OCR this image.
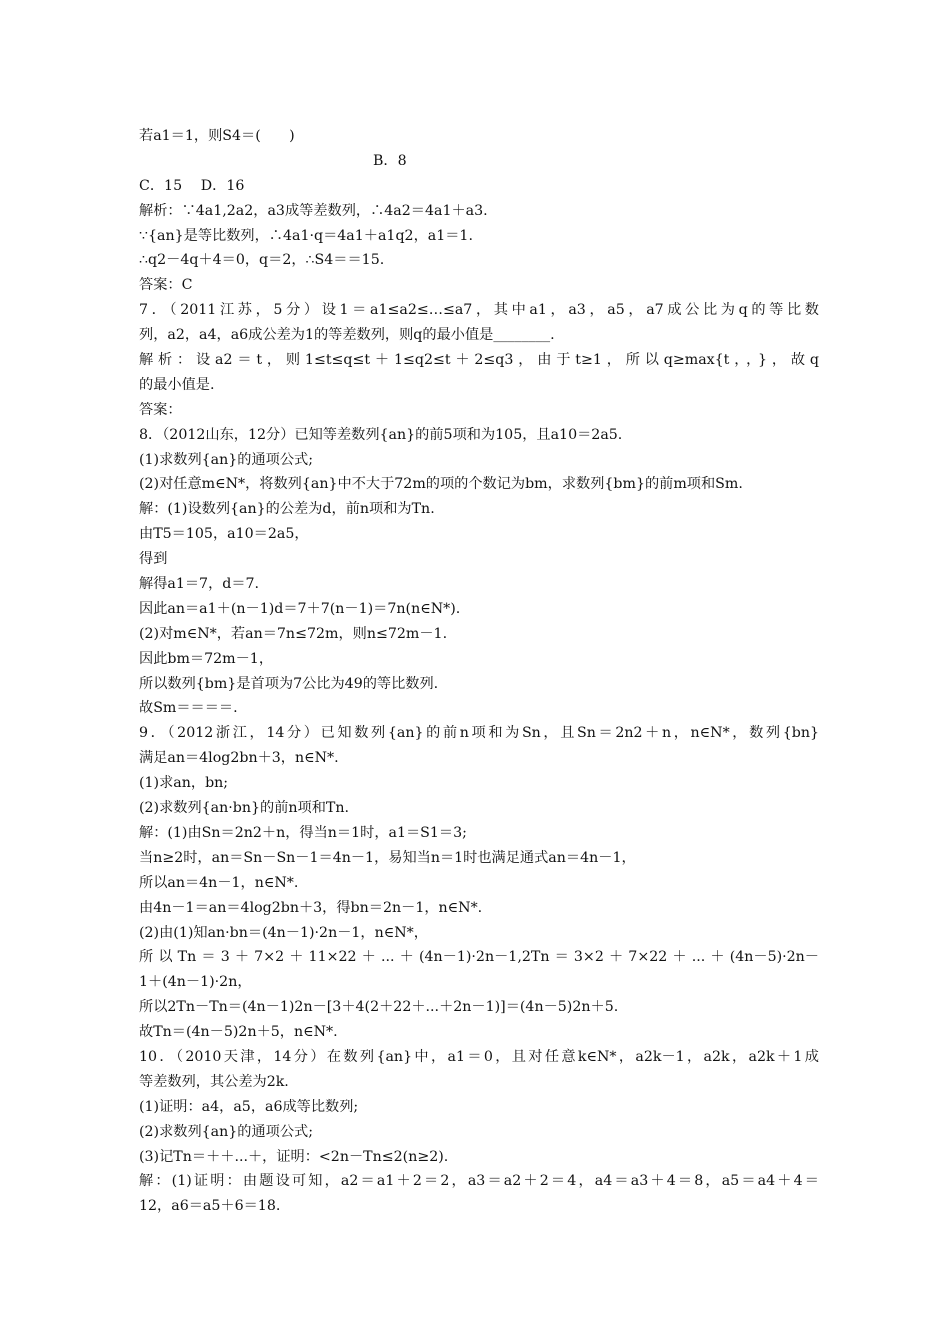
若a1＝1，则S4＝(　　)

B．8

C．15　 D．16
解析：∵4a1,2a2，a3成等差数列，∴4a2＝4a1＋a3.
∵{an}是等比数列，∴4a1·q＝4a1＋a1q2，a1＝1.
∴q2－4q＋4＝0，q＝2，∴S4＝＝15.
答案：C
7．（2011江苏，5分）设1＝a1≤a2≤…≤a7，其中a1，a3，a5，a7成公比为q的等比数
列，a2，a4，a6成公差为1的等差数列，则q的最小值是________.
解析：设a2＝t，则1≤t≤q≤t＋1≤q2≤t＋2≤q3，由于t≥1，所以q≥max{t，，}，故q
的最小值是.
答案：
8．（2012山东，12分）已知等差数列{an}的前5项和为105，且a10＝2a5.
(1)求数列{an}的通项公式;
(2)对任意m∈N*，将数列{an}中不大于72m的项的个数记为bm，求数列{bm}的前m项和Sm.
解：(1)设数列{an}的公差为d，前n项和为Tn.
由T5＝105，a10＝2a5，
得到
解得a1＝7，d＝7.
因此an＝a1＋(n－1)d＝7＋7(n－1)＝7n(n∈N*).
(2)对m∈N*，若an＝7n≤72m，则n≤72m－1.
因此bm＝72m－1，
所以数列{bm}是首项为7公比为49的等比数列.
故Sm＝＝＝＝.
9．（2012浙江，14分）已知数列{an}的前n项和为Sn，且Sn＝2n2＋n，n∈N*，数列{bn}
满足an＝4log2bn＋3，n∈N*.
(1)求an，bn;
(2)求数列{an·bn}的前n项和Tn.
解：(1)由Sn＝2n2＋n，得当n＝1时，a1＝S1＝3;
当n≥2时，an＝Sn－Sn－1＝4n－1，易知当n＝1时也满足通式an＝4n－1，
所以an＝4n－1，n∈N*.
由4n－1＝an＝4log2bn＋3，得bn＝2n－1，n∈N*.
(2)由(1)知an·bn＝(4n－1)·2n－1，n∈N*，
所以Tn＝3＋7×2＋11×22＋...＋(4n－1)·2n－1,2Tn＝3×2＋7×22＋...＋(4n－5)·2n－
1＋(4n－1)·2n，
所以2Tn－Tn＝(4n－1)2n－[3＋4(2＋22＋...＋2n－1)]＝(4n－5)2n＋5.
故Tn＝(4n－5)2n＋5，n∈N*.
10．（2010天津，14分）在数列{an}中，a1＝0，且对任意k∈N*，a2k－1，a2k，a2k＋1成
等差数列，其公差为2k.
(1)证明：a4，a5，a6成等比数列;
(2)求数列{an}的通项公式;
(3)记Tn＝＋＋...＋，证明：<2n－Tn≤2(n≥2).
解：(1)证明：由题设可知，a2＝a1＋2＝2，a3＝a2＋2＝4，a4＝a3＋4＝8，a5＝a4＋4＝
12，a6＝a5＋6＝18.
